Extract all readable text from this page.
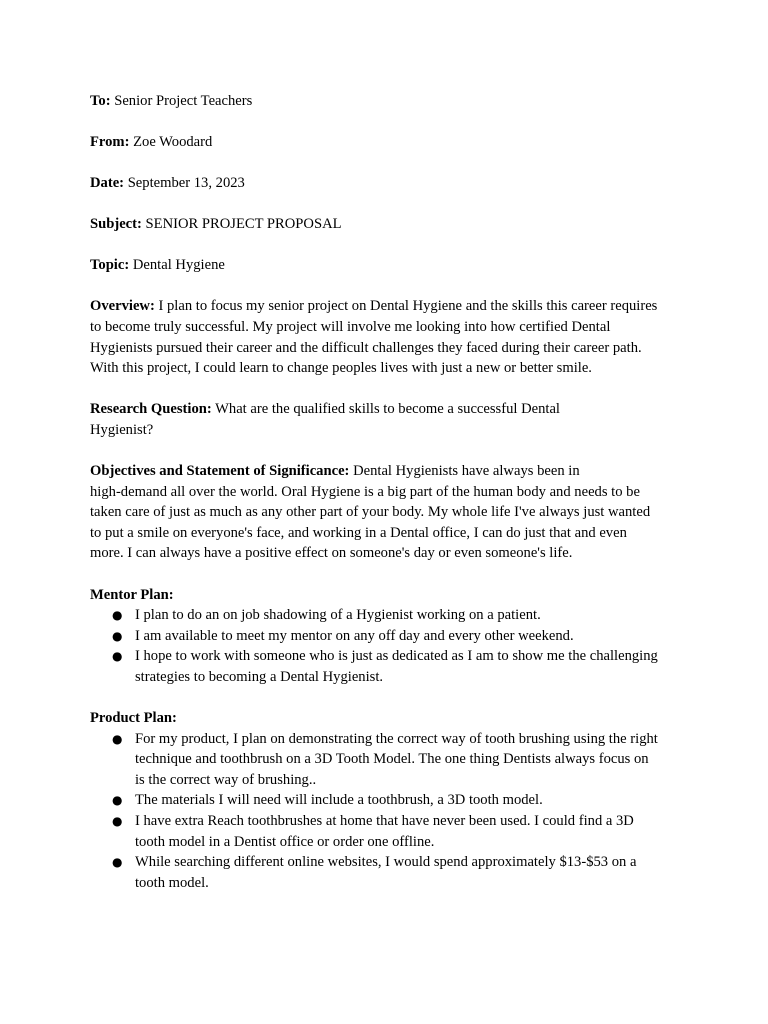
To: Senior Project Teachers

From: Zoe Woodard

Date: September 13, 2023

Subject: SENIOR PROJECT PROPOSAL

Topic: Dental Hygiene

Overview: I plan to focus my senior project on Dental Hygiene and the skills this career requires
to become truly successful. My project will involve me looking into how certified Dental
Hygienists pursued their career and the difficult challenges they faced during their career path.
With this project, I could learn to change peoples lives with just a new or better smile.

Research Question: What are the qualified skills to become a successful Dental
Hygienist?

Objectives and Statement of Significance: Dental Hygienists have always been in
high-demand all over the world. Oral Hygiene is a big part of the human body and needs to be
taken care of just as much as any other part of your body. My whole life I've always just wanted
to put a smile on everyone's face, and working in a Dental office, I can do just that and even
more. I can always have a positive effect on someone's day or even someone's life.

Mentor Plan:

● I plan to do an on job shadowing of a Hygienist working on a patient.
● I am available to meet my mentor on any off day and every other weekend.
● I hope to work with someone who is just as dedicated as I am to show me the challenging
strategies to becoming a Dental Hygienist.

Product Plan:

● For my product, I plan on demonstrating the correct way of tooth brushing using the right
technique and toothbrush on a 3D Tooth Model. The one thing Dentists always focus on
is the correct way of brushing..
● The materials I will need will include a toothbrush, a 3D tooth model.
● I have extra Reach toothbrushes at home that have never been used. I could find a 3D
tooth model in a Dentist office or order one offline.
● While searching different online websites, I would spend approximately $13-$53 on a
tooth model.
